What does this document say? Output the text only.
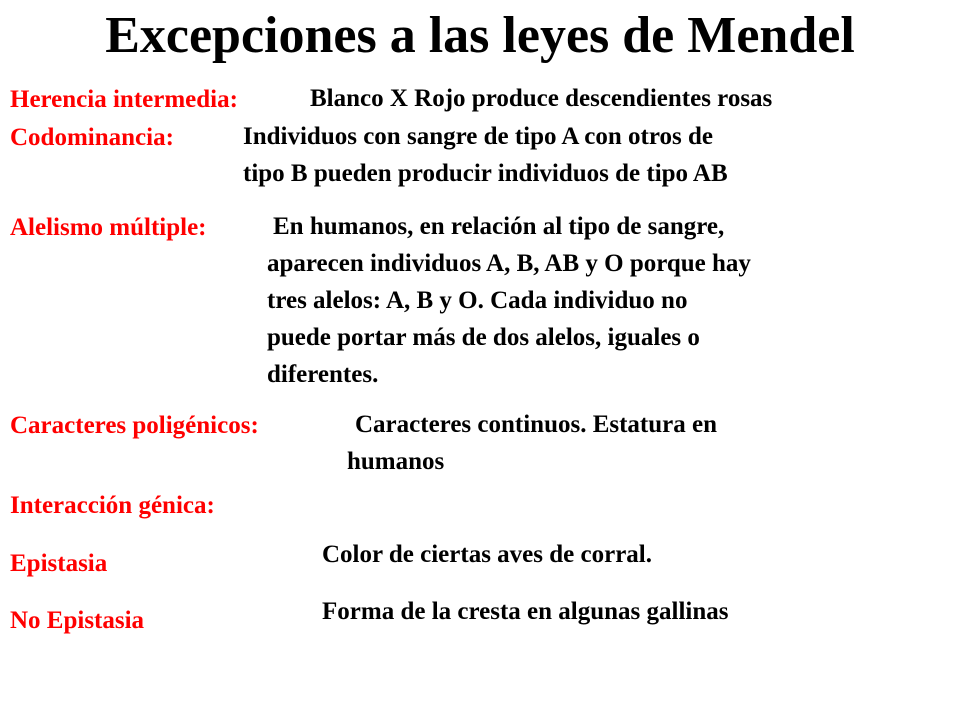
Excepciones a las leyes de Mendel
Herencia intermedia:	Blanco X Rojo produce descendientes rosas
Codominancia:	Individuos con sangre de tipo A con otros de
tipo B pueden producir individuos de tipo AB
Alelismo múltiple:	En humanos, en relación al tipo de sangre,
aparecen individuos A, B, AB y O porque hay
tres alelos: A, B y O. Cada individuo no
puede portar más de dos alelos, iguales o
diferentes.
Caracteres poligénicos:	Caracteres continuos. Estatura en
humanos
Interacción génica:
Epistasia	Color de ciertas aves de corral.
No Epistasia	Forma de la cresta en algunas gallinas
